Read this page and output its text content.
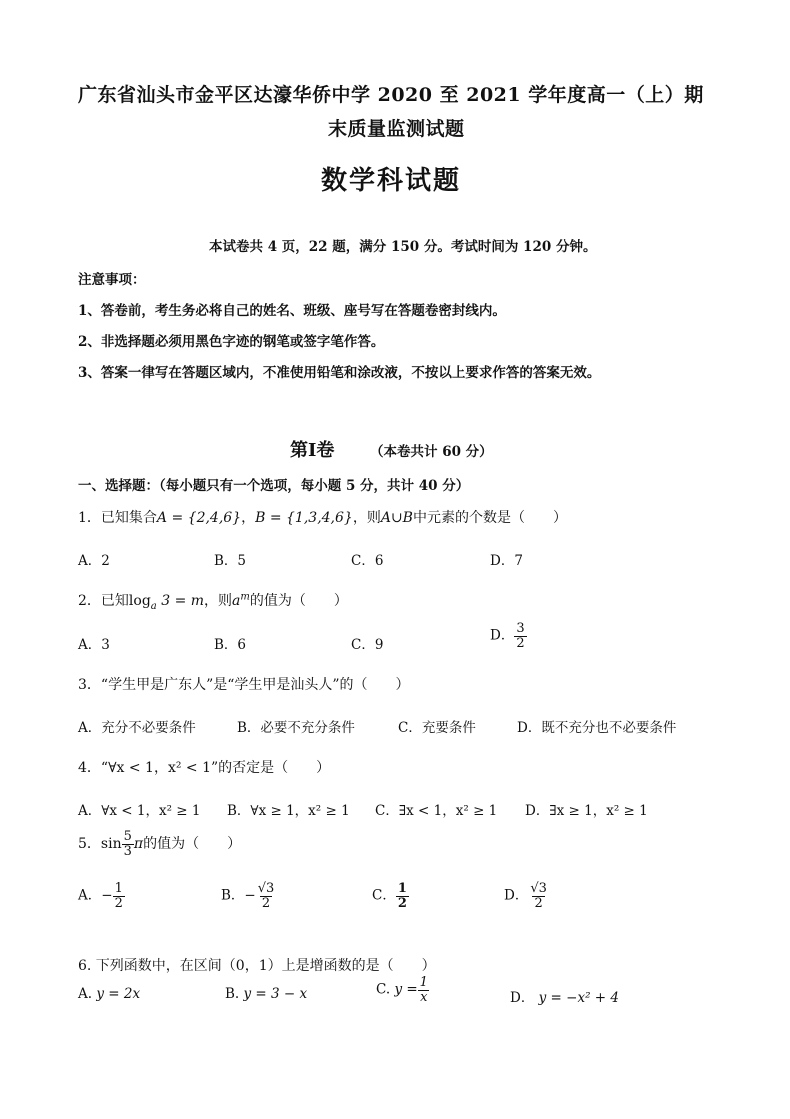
广东省汕头市金平区达濠华侨中学 2020 至 2021 学年度高一（上）期
末质量监测试题
数学科试题
本试卷共 4 页，22 题，满分 150 分。考试时间为 120 分钟。
注意事项：
1、答卷前，考生务必将自己的姓名、班级、座号写在答题卷密封线内。
2、非选择题必须用黑色字迹的钢笔或签字笔作答。
3、答案一律写在答题区域内，不准使用铅笔和涂改液，不按以上要求作答的答案无效。
第Ⅰ卷	（本卷共计 60 分）
一、选择题：（每小题只有一个选项，每小题 5 分，共计 40 分）
1．已知集合A = {2,4,6}，B = {1,3,4,6}，则A∪B中元素的个数是（　　）
A．2	B．5	C．6	D．7
2．已知$\log_a 3 = m$，则$a^m$的值为（　　）
A．3	B．6	C．9
D． $\frac{3}{2}$
3．“学生甲是广东人”是“学生甲是汕头人”的（　　）
A．充分不必要条件	B．必要不充分条件	C．充要条件	D．既不充分也不必要条件
4．“∀x < 1，x² < 1”的否定是（　　）
A．∀x < 1，x² ≥ 1 B．∀x ≥ 1，x² ≥ 1 C．∃x < 1，x² ≥ 1 D．∃x ≥ 1，x² ≥ 1
5．$\sin \frac{5}{3}$ π的值为（　　）
A．− $\frac{1}{2}$	B．− $\frac{√3}{2}$	C． $\frac{1}{2}$	D． $\frac{√3}{2}$
6. 下列函数中，在区间（0，1）上是增函数的是（　　）
A. y = 2x	B. y = 3 − x	C. $y = \frac{1}{x}$	D． y = −x² + 4
